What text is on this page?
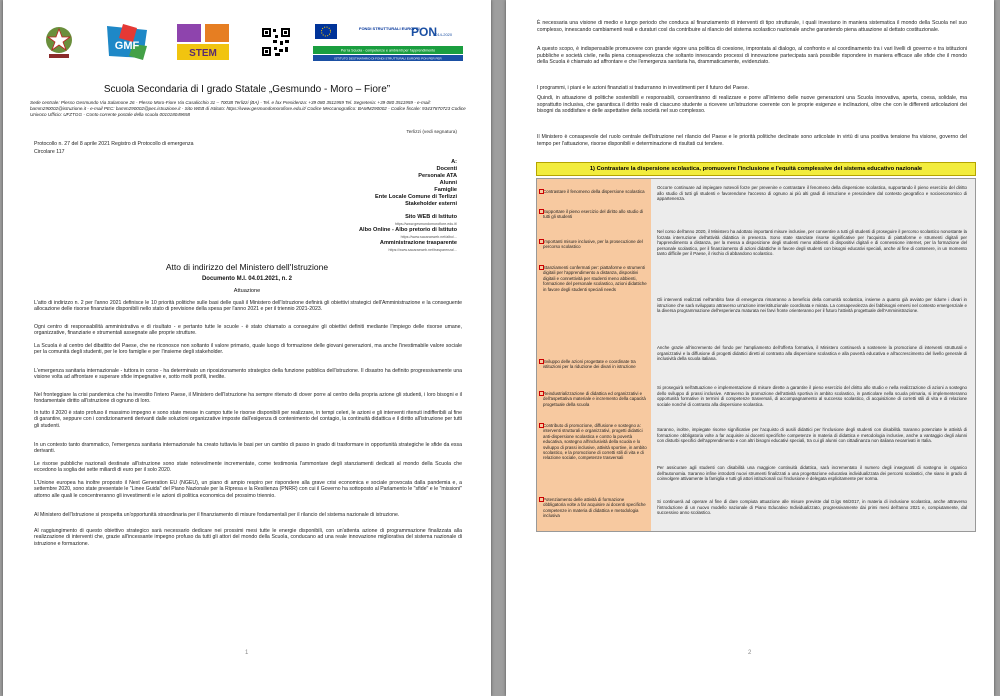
GMF
STEM
FONDI STRUTTURALI EUROPEI
PON
2014-2020
Per la Scuola - competenze e ambienti per l'apprendimento
ISTITUTO DESTINATARIO DI FONDI STRUTTURALI EUROPEI PON PER PER
Scuola Secondaria di I grado Statale „Gesmundo - Moro – Fiore”
Sede centrale: Plesso Gesmundo Via Salamone 26 - Plesso Moro-Fiore Via Casalicchio 31 – 70038 Terlizzi (BA) - Tel. e fax Presidenza: +39 080 3511959 Tel. Segreteria: +39 080 3511959 - e-mail: bamm290002@istruzione.it - e-mail PEC: bamm290002@pec.istruzione.it - Sito WEB di Istituto: https://www.gesmundomorofiore.edu.it/ Codice Meccanografico: BAMM290002 - Codice fiscale: 93437870723 Codice Univoco Ufficio: UFZTGG - Conto corrente postale della scuola 001018049658
Terlizzi (vedi segnatura)
Protocollo n. 27 del 8 aprile 2021 Registro di Protocollo di emergenza
Circolare 117
A:
Docenti
Personale ATA
Alunni
Famiglie
Ente Locale Comune di Terlizzi
Stakeholder esterni
Sito WEB di Istituto
https://www.gesmundomorofiore.edu.it/
Albo Online - Albo pretorio di Istituto
https://www.sacaraxweb.net/albo/...
Amministrazione trasparente
https://www.sacaraxweb.net/trasparenza/...
Atto di indirizzo del Ministero dell'Istruzione
Documento M.I. 04.01.2021, n. 2
Attuazione
L'atto di indirizzo n. 2 per l'anno 2021 definisce le 10 priorità politiche sulle basi delle quali il Ministero dell'Istruzione definirà gli obiettivi strategici dell'Amministrazione e la conseguente allocazione delle risorse finanziarie disponibili nello stato di previsione della spesa per l'anno 2021 e per il triennio 2021-2023.
Ogni centro di responsabilità amministrativa e di risultato - e pertanto tutte le scuole - è stato chiamato a conseguire gli obiettivi definiti mediante l'impiego delle risorse umane, organizzative, finanziarie e strumentali assegnate alle proprie strutture.
La Scuola è al centro del dibattito del Paese, che ne riconosce non soltanto il valore primario, quale luogo di formazione delle giovani generazioni, ma anche l'inestimabile valore sociale per la comunità degli studenti, per le loro famiglie e per l'insieme degli stakeholder.
L'emergenza sanitaria internazionale - tuttora in corso - ha determinato un riposizionamento strategico della funzione pubblica dell'istruzione. Il disastro ha definito progressivamente una visione volta ad affrontare e superare sfide impegnative e, sotto molti profili, inedite.
Nel fronteggiare la crisi pandemica che ha investito l'intero Paese, il Ministero dell'Istruzione ha sempre ritenuto di dover porre al centro della propria azione gli studenti, i loro bisogni e il fondamentale diritto all'istruzione di ognuno di loro.
In tutto il 2020 è stato profuso il massimo impegno e sono state messe in campo tutte le risorse disponibili per realizzare, in tempi celeri, le azioni e gli interventi ritenuti indifferibili al fine di garantire, seppure con i condizionamenti derivanti dalle soluzioni organizzative imposte dall'esigenza di contenimento del contagio, la continuità didattica e il diritto all'istruzione per tutti gli studenti.
In un contesto tanto drammatico, l'emergenza sanitaria internazionale ha creato tuttavia le basi per un cambio di passo in grado di trasformare in opportunità strategiche le sfide da essa derivanti.
Le risorse pubbliche nazionali destinate all'istruzione sono state notevolmente incrementate, come testimonia l'ammontare degli stanziamenti dedicati al mondo della Scuola che eccedono la soglia dei sette miliardi di euro per il solo 2020.
L'Unione europea ha inoltre proposto il Next Generation EU (NGEU), un piano di ampio respiro per rispondere alla grave crisi economica e sociale provocata dalla pandemia e, a settembre 2020, sono state presentate le "Linee Guida" del Piano Nazionale per la Ripresa e la Resilienza (PNRR) con cui il Governo ha sottoposto al Parlamento le "sfide" e le "missioni" attorno alle quali le concentreranno gli investimenti e le azioni di politica economica del prossimo triennio.
Al Ministero dell'Istruzione si prospetta un'opportunità straordinaria per il finanziamento di misure fondamentali per il rilancio del sistema nazionale di istruzione.
Al raggiungimento di questo obiettivo strategico sarà necessario dedicare nei prossimi mesi tutte le energie disponibili, con un'attenta azione di programmazione finalizzata alla realizzazione di interventi che, grazie all'incessante impegno profuso da tutti gli attori del mondo della Scuola, conducano ad una reale innovazione migliorativa del sistema nazionale di istruzione e formazione.
1
È necessaria una visione di medio e lungo periodo che conduca al finanziamento di interventi di tipo strutturale, i quali investano in maniera sistematica il mondo della Scuola nel suo complesso, innescando cambiamenti reali e duraturi così da contribuire al rilancio del sistema scolastico nazionale anche garantendo piena attuazione al dettato costituzionale.
A questo scopo, è indispensabile promuovere con grande vigore una politica di coesione, improntata al dialogo, al confronto e al coordinamento tra i vari livelli di governo e tra istituzioni pubbliche e società civile, nella piena consapevolezza che soltanto innescando processi di innovazione partecipata sarà possibile rispondere in maniera efficace alle sfide che il mondo della Scuola è chiamato ad affrontare e che l'emergenza sanitaria ha, drammaticamente, evidenziato.
I programmi, i piani e le azioni finanziati si tradurranno in investimenti per il futuro del Paese.
Quindi, in attuazione di politiche sostenibili e responsabili, consentiranno di realizzare e porre all'interno delle nuove generazioni una Scuola innovativa, aperta, coesa, solidale, ma soprattutto inclusiva, che garantisca il diritto reale di ciascuno studente a ricevere un'istruzione coerente con le proprie esigenze e inclinazioni, oltre che con le differenti articolazioni dei bisogni da soddisfare e delle aspettative della società nel suo complesso.
Il Ministero è consapevole del ruolo centrale dell'istruzione nel rilancio del Paese e le priorità politiche declinate sono articolate in virtù di una positiva tensione fra visione, governo del tempo per l'attuazione, risorse disponibili e determinazione di risultati cui tendere.
1) Contrastare la dispersione scolastica, promuovere l'inclusione e l'equità complessive del sistema educativo nazionale
Contrastare il fenomeno della dispersione scolastica
Supportare il pieno esercizio del diritto allo studio di tutti gli studenti
Importanti misure inclusive, per la prosecuzione del percorso scolastico
Stanziamenti confermati per: piattaforme e strumenti digitali per l'apprendimento a distanza, dispositivi digitali e connettività per studenti meno abbienti, formazione del personale scolastico, azioni didattiche in favore degli studenti speciali needs
Sviluppo delle azioni progettate e coordinate tra istituzioni per la riduzione dei divari in istruzione
Reindustrializzazione di didattica ed organizzativi e dell'aspettativa materiale e incremento della capacità progettuale della scuola
Contributo di promozione, diffusione e sostegno a: interventi strutturali e organizzativi, progetti didattici anti-dispersione scolastica e contro la povertà educativa, sostegno all'inclusività della scuola e lo sviluppo di prassi inclusive, attività sportive, in ambito scolastico, e la promozione di corretti stili di vita e di relazione sociale, competenze trasversali
Potenziamento delle attività di formazione obbligatoria volte a far acquisire ai docenti specifiche competenze in materia di didattica e metodologia inclusiva
Occorre continuare ad impiegare notevoli forze per prevenire e contrastare il fenomeno della dispersione scolastica, supportando il pieno esercizio del diritto allo studio di tutti gli studenti e favorendone l'accesso di ognuno ai più alti gradi di istruzione e prescindere dal contesto geografico e socioeconomico di appartenenza.
Nel corso dell'anno 2020, il Ministero ha adottato importanti misure inclusive, per consentire a tutti gli studenti di proseguire il percorso scolastico nonostante la forzata interruzione dell'attività didattica in presenza. Sono state stanziate risorse significative per l'acquisto di piattaforme e strumenti digitali per l'apprendimento a distanza, per la messa a disposizione degli studenti meno abbienti di dispositivi digitali e di connessione internet, per la formazione del personale scolastico, per il finanziamento di azioni didattiche in favore degli studenti con bisogni educativi speciali, anche al fine di contenere, in un momento tanto difficile per il Paese, il rischio di abbandono scolastico.
Gli interventi realizzati nell'ambito fase di emergenza rimarranno a beneficio della comunità scolastica, insieme a quanto già avviato per ridurre i divari in istruzione che sarà sviluppato attraverso un'azione interistituzionale coordinata e mirata. La consapevolezza dei fabbisogni emersi nel contesto emergenziale e la diversa programmazione dell'esperienza maturata nei farvi fronte orienteranno per il futuro l'attività progettuale dell'Amministrazione.
Anche grazie all'incremento del fondo per l'ampliamento dell'offerta formativa, il Ministero continuerà a sostenere la promozione di interventi strutturali e organizzativi e la diffusione di progetti didattici diretti al contrasto alla dispersione scolastica e alla povertà educativa e all'accrescimento del livello generale di inclusività della scuola italiana.
Si proseguirà nell'attuazione e implementazione di misure dirette a garantire il pieno esercizio del diritto allo studio e nella realizzazione di azioni a sostegno dello sviluppo di prassi inclusive. Attraverso la promozione dell'attività sportiva in ambito scolastico, in particolare nella scuola primaria, si implementeranno opportunità formative in termini di competenze trasversali, di accompagnamento al successo scolastico, di acquisizione di corretti stili di vita e di relazione sociale nonché di contrasto alla dispersione scolastica.
Saranno, inoltre, impiegate risorse significative per l'acquisto di ausili didattici per l'inclusione degli studenti con disabilità. Saranno potenziate le attività di formazione obbligatoria volte a far acquisire ai docenti specifiche competenze in materia di didattica e metodologia inclusive, anche a vantaggio degli alunni con disturbi specifici dell'apprendimento e con altri bisogni educativi speciali, tra cui gli alunni con cittadinanza non italiana neoarrivati in Italia.
Per assicurare agli studenti con disabilità una maggiore continuità didattica, sarà incrementato il numero degli insegnanti di sostegno in organico dell'autonomia. Saranno infine introdotti nuovi strumenti finalizzati a una progettazione educativa individualizzata dei percorsi scolastici, che siano in grado di coinvolgere attivamente la famiglia e tutti gli attori istituzionali cui l'inclusione è delegata esplicitamente per norma.
Si continuerà ad operare al fine di dare compiuta attuazione alle misure previste dal D.lgs 66/2017, in materia di inclusione scolastica, anche attraverso l'introduzione di un nuovo modello nazionale di Piano Educativo Individualizzato, progressivamente dai primi mesi dell'anno 2021 e, compiutamente, dal successivo anno scolastico.
2
